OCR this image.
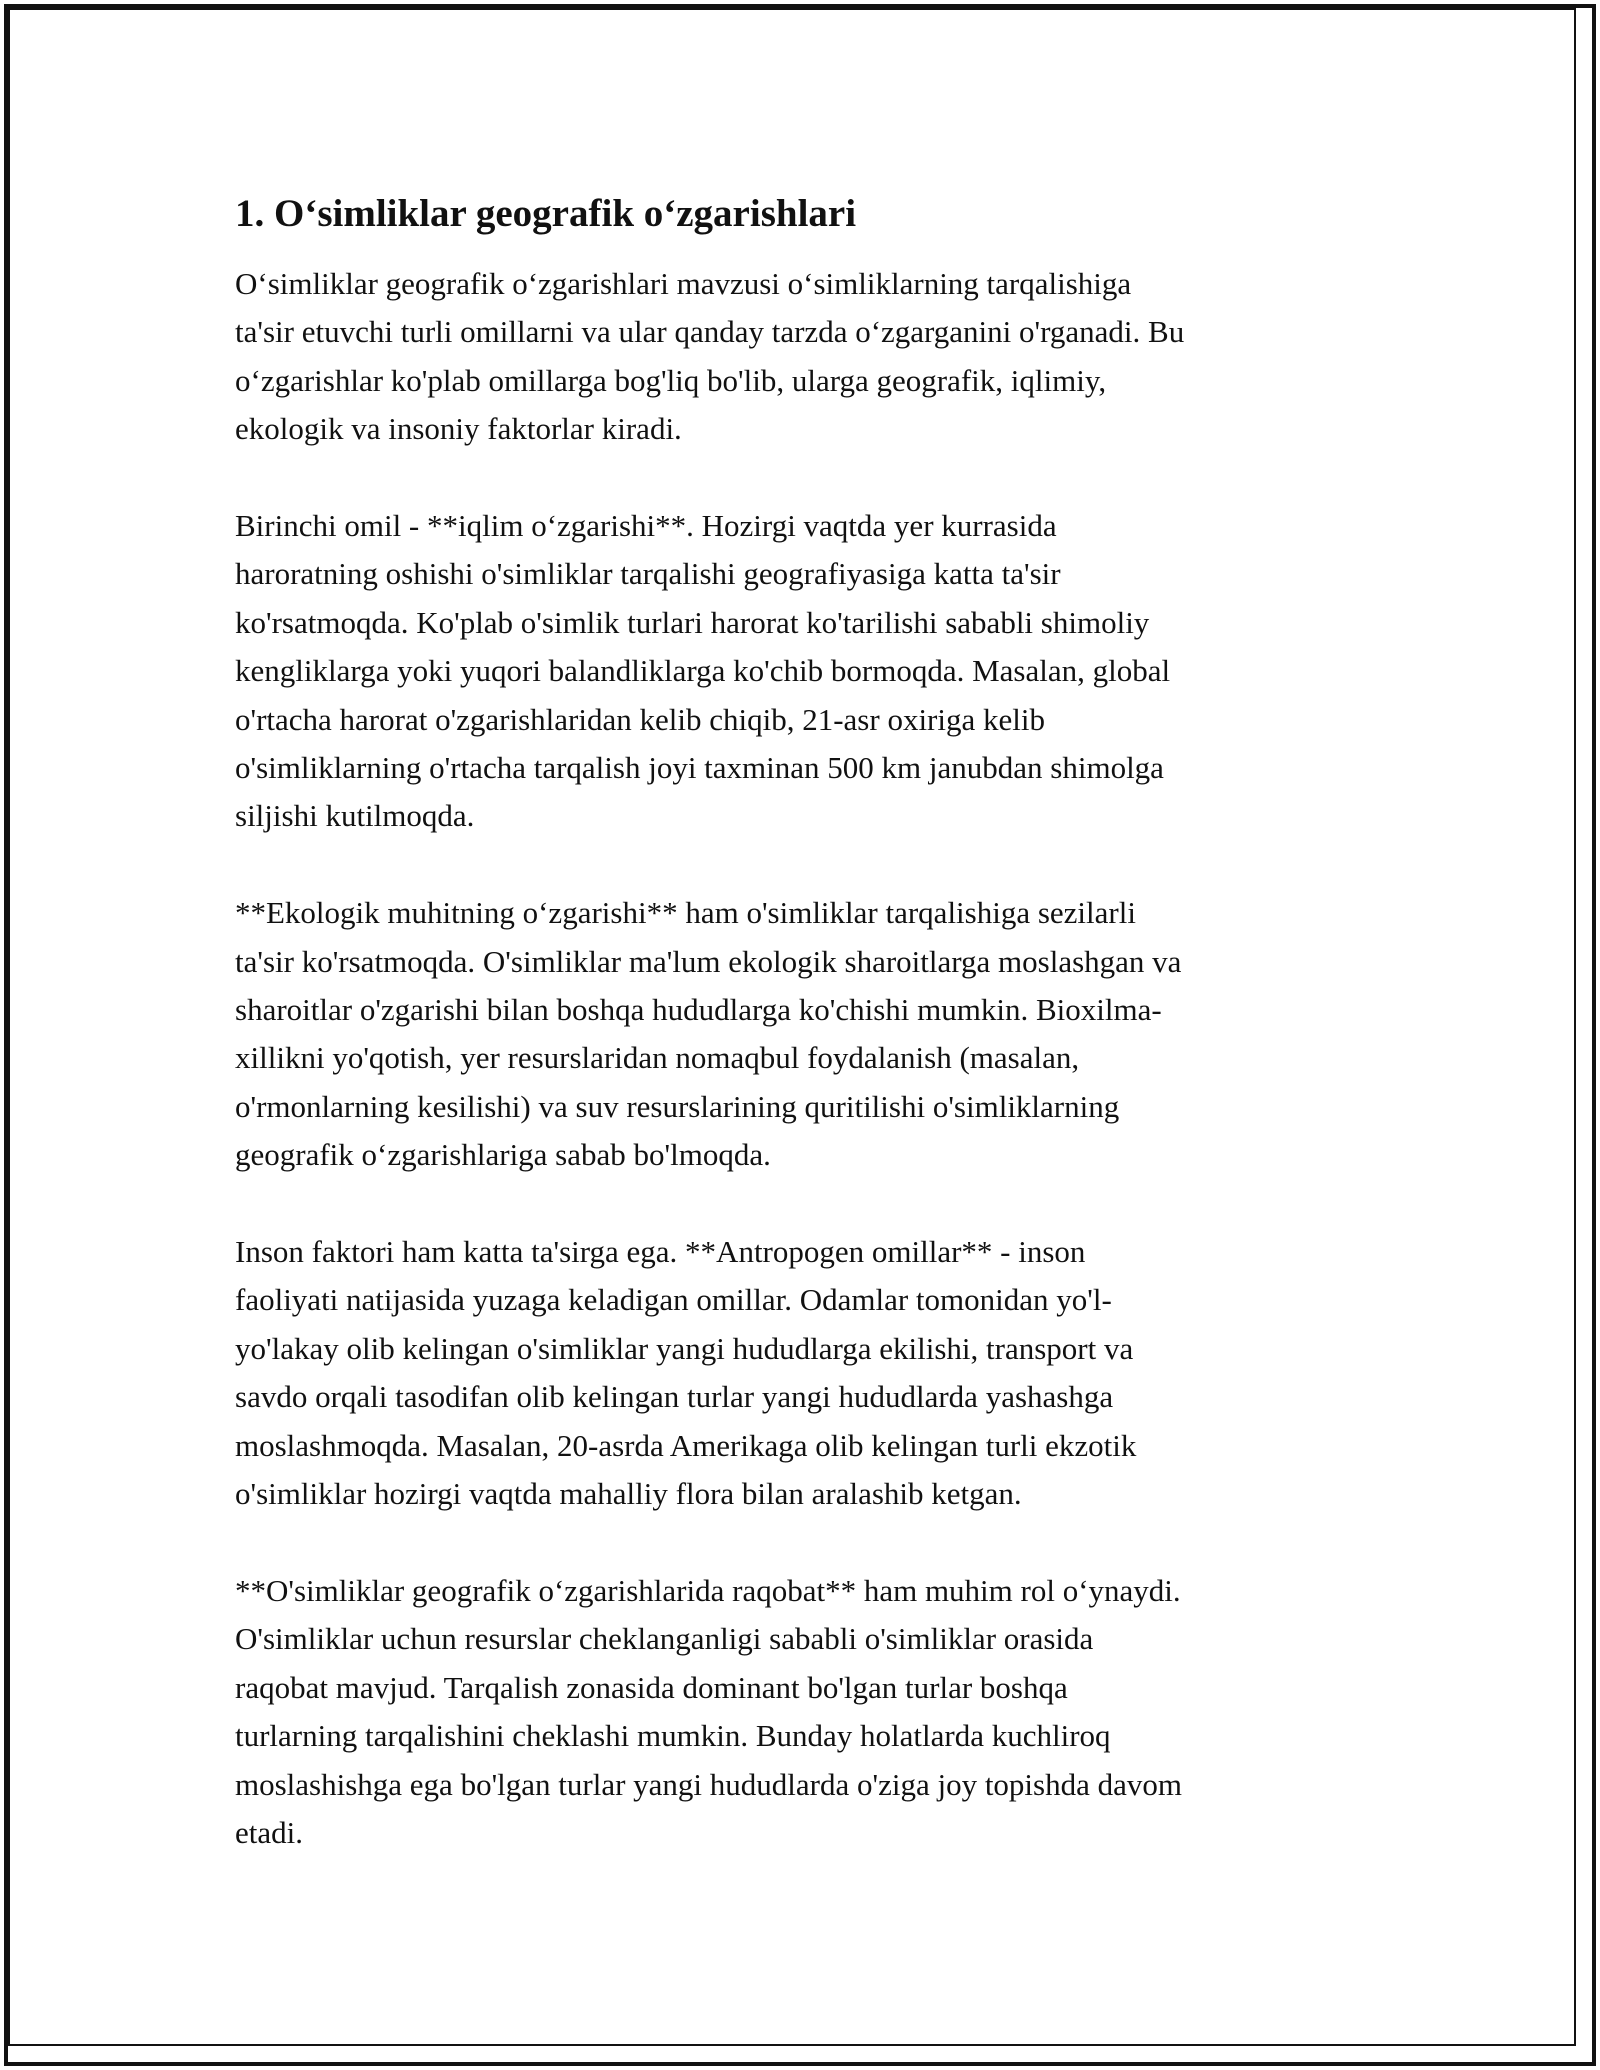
1. O‘simliklar geografik o‘zgarishlari

O‘simliklar geografik o‘zgarishlari mavzusi o‘simliklarning tarqalishiga
ta'sir etuvchi turli omillarni va ular qanday tarzda o‘zgarganini o'rganadi. Bu
o‘zgarishlar ko'plab omillarga bog'liq bo'lib, ularga geografik, iqlimiy,
ekologik va insoniy faktorlar kiradi.

Birinchi omil - **iqlim o‘zgarishi**. Hozirgi vaqtda yer kurrasida
haroratning oshishi o'simliklar tarqalishi geografiyasiga katta ta'sir
ko'rsatmoqda. Ko'plab o'simlik turlari harorat ko'tarilishi sababli shimoliy
kengliklarga yoki yuqori balandliklarga ko'chib bormoqda. Masalan, global
o'rtacha harorat o'zgarishlaridan kelib chiqib, 21-asr oxiriga kelib
o'simliklarning o'rtacha tarqalish joyi taxminan 500 km janubdan shimolga
siljishi kutilmoqda.

**Ekologik muhitning o‘zgarishi** ham o'simliklar tarqalishiga sezilarli
ta'sir ko'rsatmoqda. O'simliklar ma'lum ekologik sharoitlarga moslashgan va
sharoitlar o'zgarishi bilan boshqa hududlarga ko'chishi mumkin. Bioxilma-
xillikni yo'qotish, yer resurslaridan nomaqbul foydalanish (masalan,
o'rmonlarning kesilishi) va suv resurslarining quritilishi o'simliklarning
geografik o‘zgarishlariga sabab bo'lmoqda.

Inson faktori ham katta ta'sirga ega. **Antropogen omillar** - inson
faoliyati natijasida yuzaga keladigan omillar. Odamlar tomonidan yo'l-
yo'lakay olib kelingan o'simliklar yangi hududlarga ekilishi, transport va
savdo orqali tasodifan olib kelingan turlar yangi hududlarda yashashga
moslashmoqda. Masalan, 20-asrda Amerikaga olib kelingan turli ekzotik
o'simliklar hozirgi vaqtda mahalliy flora bilan aralashib ketgan.

**O'simliklar geografik o‘zgarishlarida raqobat** ham muhim rol o‘ynaydi.
O'simliklar uchun resurslar cheklanganligi sababli o'simliklar orasida
raqobat mavjud. Tarqalish zonasida dominant bo'lgan turlar boshqa
turlarning tarqalishini cheklashi mumkin. Bunday holatlarda kuchliroq
moslashishga ega bo'lgan turlar yangi hududlarda o'ziga joy topishda davom
etadi.
